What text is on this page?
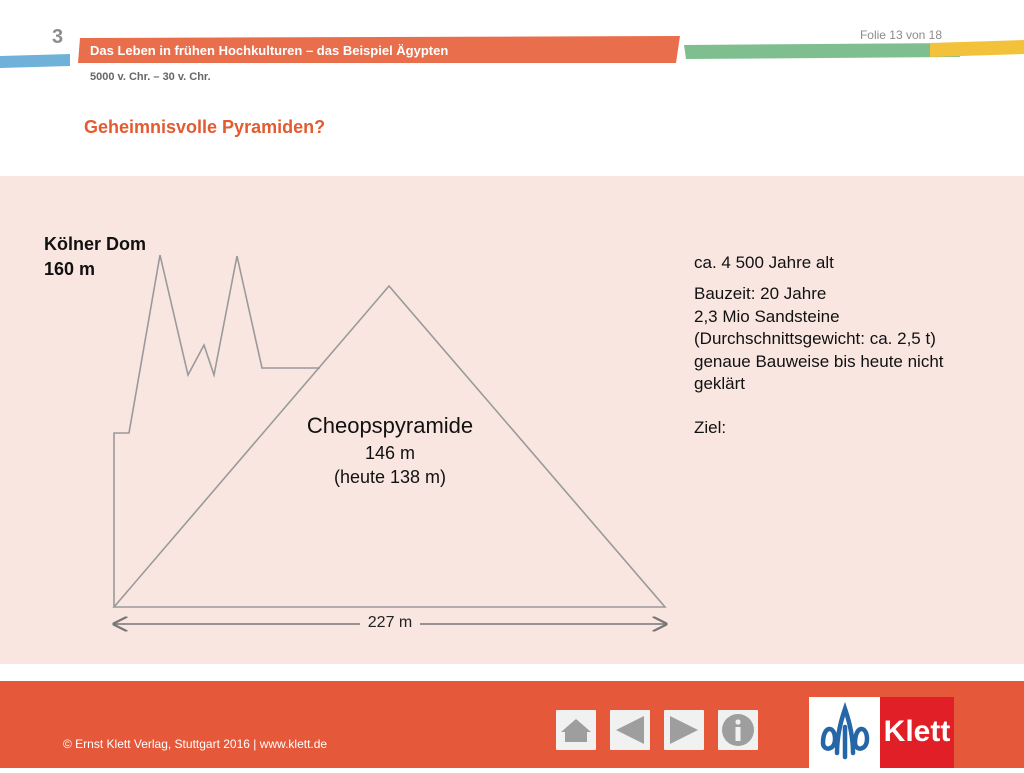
3	Folie 13 von 18
Das Leben in frühen Hochkulturen – das Beispiel Ägypten
5000 v. Chr. – 30 v. Chr.
Geheimnisvolle Pyramiden?
Kölner Dom
160 m
Cheopspyramide
146 m
(heute 138 m)
227 m

ca. 4 500 Jahre alt

Bauzeit: 20 Jahre

2,3 Mio Sandsteine

(Durchschnittsgewicht: ca. 2,5 t)

genaue Bauweise bis heute nicht geklärt

Ziel:

© Ernst Klett Verlag, Stuttgart 2016 | www.klett.de	Klett
